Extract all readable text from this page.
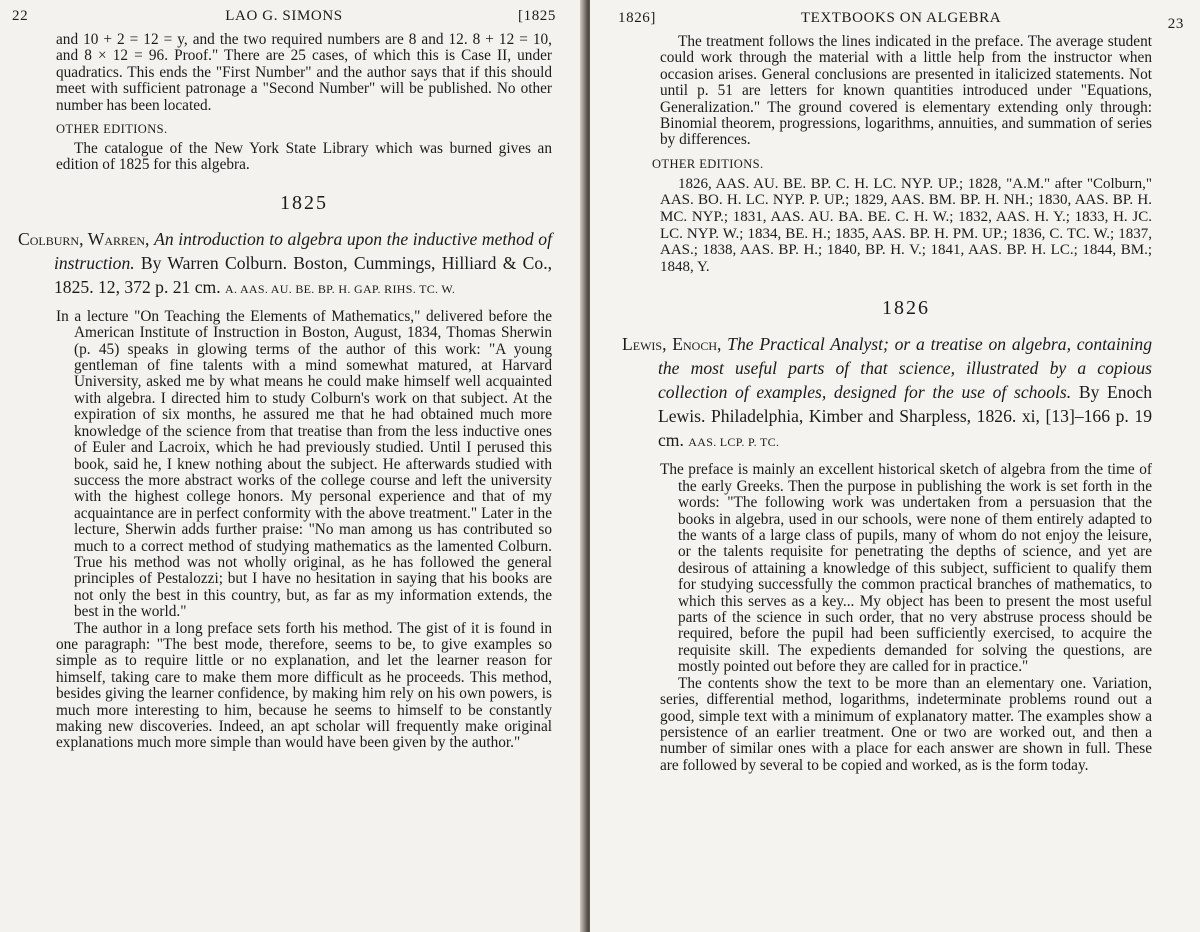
22	LAO G. SIMONS	[1825

and 10 + 2 = 12 = y, and the two required numbers are 8 and 12. 8 + 12 = 10, and 8 × 12 = 96. Proof." There are 25 cases, of which this is Case II, under quadratics. This ends the "First Number" and the author says that if this should meet with sufficient patronage a "Second Number" will be published. No other number has been located.

OTHER EDITIONS.

The catalogue of the New York State Library which was burned gives an edition of 1825 for this algebra.

1825

Colburn, Warren, An introduction to algebra upon the inductive method of instruction. By Warren Colburn. Boston, Cummings, Hilliard & Co., 1825. 12, 372 p. 21 cm. A. AAS. AU. BE. BP. H. GAP. RIHS. TC. W.

In a lecture "On Teaching the Elements of Mathematics," delivered before the American Institute of Instruction in Boston, August, 1834, Thomas Sherwin (p. 45) speaks in glowing terms of the author of this work: "A young gentleman of fine talents with a mind somewhat matured, at Harvard University, asked me by what means he could make himself well acquainted with algebra. I directed him to study Colburn's work on that subject. At the expiration of six months, he assured me that he had obtained much more knowledge of the science from that treatise than from the less inductive ones of Euler and Lacroix, which he had previously studied. Until I perused this book, said he, I knew nothing about the subject. He afterwards studied with success the more abstract works of the college course and left the university with the highest college honors. My personal experience and that of my acquaintance are in perfect conformity with the above treatment." Later in the lecture, Sherwin adds further praise: "No man among us has contributed so much to a correct method of studying mathematics as the lamented Colburn. True his method was not wholly original, as he has followed the general principles of Pestalozzi; but I have no hesitation in saying that his books are not only the best in this country, but, as far as my information extends, the best in the world."

The author in a long preface sets forth his method. The gist of it is found in one paragraph: "The best mode, therefore, seems to be, to give examples so simple as to require little or no explanation, and let the learner reason for himself, taking care to make them more difficult as he proceeds. This method, besides giving the learner confidence, by making him rely on his own powers, is much more interesting to him, because he seems to himself to be constantly making new discoveries. Indeed, an apt scholar will frequently make original explanations much more simple than would have been given by the author."

1826]	TEXTBOOKS ON ALGEBRA	23

The treatment follows the lines indicated in the preface. The average student could work through the material with a little help from the instructor when occasion arises. General conclusions are presented in italicized statements. Not until p. 51 are letters for known quantities introduced under "Equations, Generalization." The ground covered is elementary extending only through: Binomial theorem, progressions, logarithms, annuities, and summation of series by differences.

OTHER EDITIONS.

1826, AAS. AU. BE. BP. C. H. LC. NYP. UP.; 1828, "A.M." after "Colburn," AAS. BO. H. LC. NYP. P. UP.; 1829, AAS. BM. BP. H. NH.; 1830, AAS. BP. H. MC. NYP.; 1831, AAS. AU. BA. BE. C. H. W.; 1832, AAS. H. Y.; 1833, H. JC. LC. NYP. W.; 1834, BE. H.; 1835, AAS. BP. H. PM. UP.; 1836, C. TC. W.; 1837, AAS.; 1838, AAS. BP. H.; 1840, BP. H. V.; 1841, AAS. BP. H. LC.; 1844, BM.; 1848, Y.

1826

Lewis, Enoch, The Practical Analyst; or a treatise on algebra, containing the most useful parts of that science, illustrated by a copious collection of examples, designed for the use of schools. By Enoch Lewis. Philadelphia, Kimber and Sharpless, 1826. xi, [13]–166 p. 19 cm. AAS. LCP. P. TC.

The preface is mainly an excellent historical sketch of algebra from the time of the early Greeks. Then the purpose in publishing the work is set forth in the words: "The following work was undertaken from a persuasion that the books in algebra, used in our schools, were none of them entirely adapted to the wants of a large class of pupils, many of whom do not enjoy the leisure, or the talents requisite for penetrating the depths of science, and yet are desirous of attaining a knowledge of this subject, sufficient to qualify them for studying successfully the common practical branches of mathematics, to which this serves as a key... My object has been to present the most useful parts of the science in such order, that no very abstruse process should be required, before the pupil had been sufficiently exercised, to acquire the requisite skill. The expedients demanded for solving the questions, are mostly pointed out before they are called for in practice."

The contents show the text to be more than an elementary one. Variation, series, differential method, logarithms, indeterminate problems round out a good, simple text with a minimum of explanatory matter. The examples show a persistence of an earlier treatment. One or two are worked out, and then a number of similar ones with a place for each answer are shown in full. These are followed by several to be copied and worked, as is the form today.
